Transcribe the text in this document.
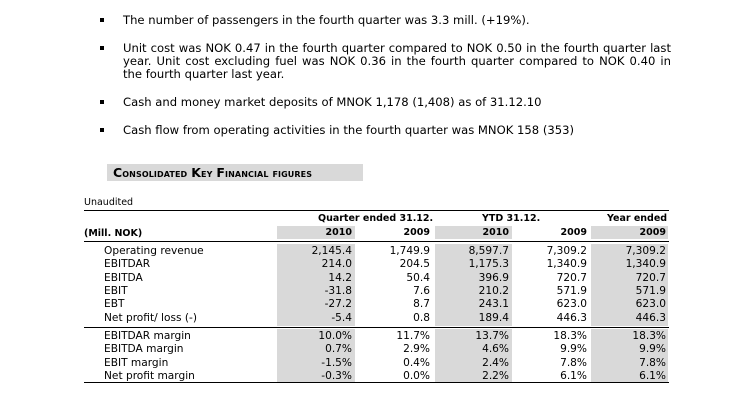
The number of passengers in the fourth quarter was 3.3 mill. (+19%).
Unit cost was NOK 0.47 in the fourth quarter compared to NOK 0.50 in the fourth quarter last year. Unit cost excluding fuel was NOK 0.36 in the fourth quarter compared to NOK 0.40 in the fourth quarter last year.
Cash and money market deposits of MNOK 1,178 (1,408) as of 31.12.10
Cash flow from operating activities in the fourth quarter was MNOK 158 (353)
Consolidated Key Financial figures
Unaudited
Quarter ended 31.12.	YTD 31.12.	Year ended
(Mill. NOK)	2010	2009	2010	2009	2009
Operating revenue	2,145.4	1,749.9	8,597.7	7,309.2	7,309.2
EBITDAR	214.0	204.5	1,175.3	1,340.9	1,340.9
EBITDA	14.2	50.4	396.9	720.7	720.7
EBIT	-31.8	7.6	210.2	571.9	571.9
EBT	-27.2	8.7	243.1	623.0	623.0
Net profit/ loss (-)	-5.4	0.8	189.4	446.3	446.3
EBITDAR margin	10.0%	11.7%	13.7%	18.3%	18.3%
EBITDA margin	0.7%	2.9%	4.6%	9.9%	9.9%
EBIT margin	-1.5%	0.4%	2.4%	7.8%	7.8%
Net profit margin	-0.3%	0.0%	2.2%	6.1%	6.1%
